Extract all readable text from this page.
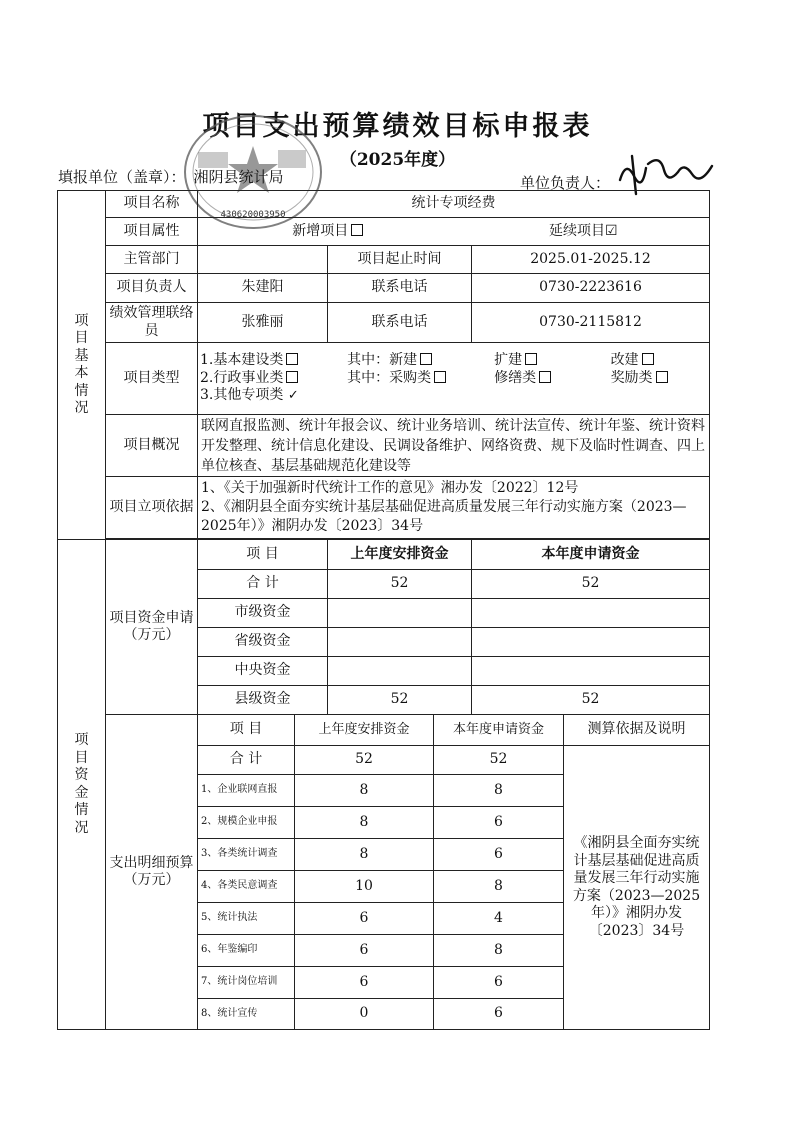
项目支出预算绩效目标申报表
（2025年度）
430620003950
填报单位（盖章）： 湘阴县统计局	单位负责人：
项目基本情况
	项目名称	统计专项经费
项目属性		新增项目	延续项目☑

主管部门		项目起止时间	2025.01-2025.12
项目负责人	朱建阳	联系电话	0730-2223616
绩效管理联络员	张雅丽	联系电话	0730-2115812
项目类型	
1.基本建设类	其中：新建	扩建	改建
2.行政事业类	其中：采购类	修缮类	奖励类
3.其他专项类 ✓

项目概况	联网直报监测、统计年报会议、统计业务培训、统计法宣传、统计年鉴、统计资料开发整理、统计信息化建设、民调设备维护、网络资费、规下及临时性调查、四上单位核查、基层基础规范化建设等
项目立项依据	
1、《关于加强新时代统计工作的意见》湘办发〔2022〕12号
2、《湘阴县全面夯实统计基层基础促进高质量发展三年行动实施方案（2023—2025年）》湘阴办发〔2023〕34号

项目资金情况
	项目资金申请（万元）	项 目	上年度安排资金	本年度申请资金
合 计	52	52
市级资金		
省级资金		
中央资金		
县级资金	52	52
支出明细预算（万元）	项 目	上年度安排资金	本年度申请资金	测算依据及说明
合 计	52	52	《湘阴县全面夯实统计基层基础促进高质量发展三年行动实施方案（2023—2025年）》湘阴办发〔2023〕34号
1、企业联网直报	8	8
2、规模企业申报	8	6
3、各类统计调查	8	6
4、各类民意调查	10	8
5、统计执法	6	4
6、年鉴编印	6	8
7、统计岗位培训	6	6
8、统计宣传	0	6
